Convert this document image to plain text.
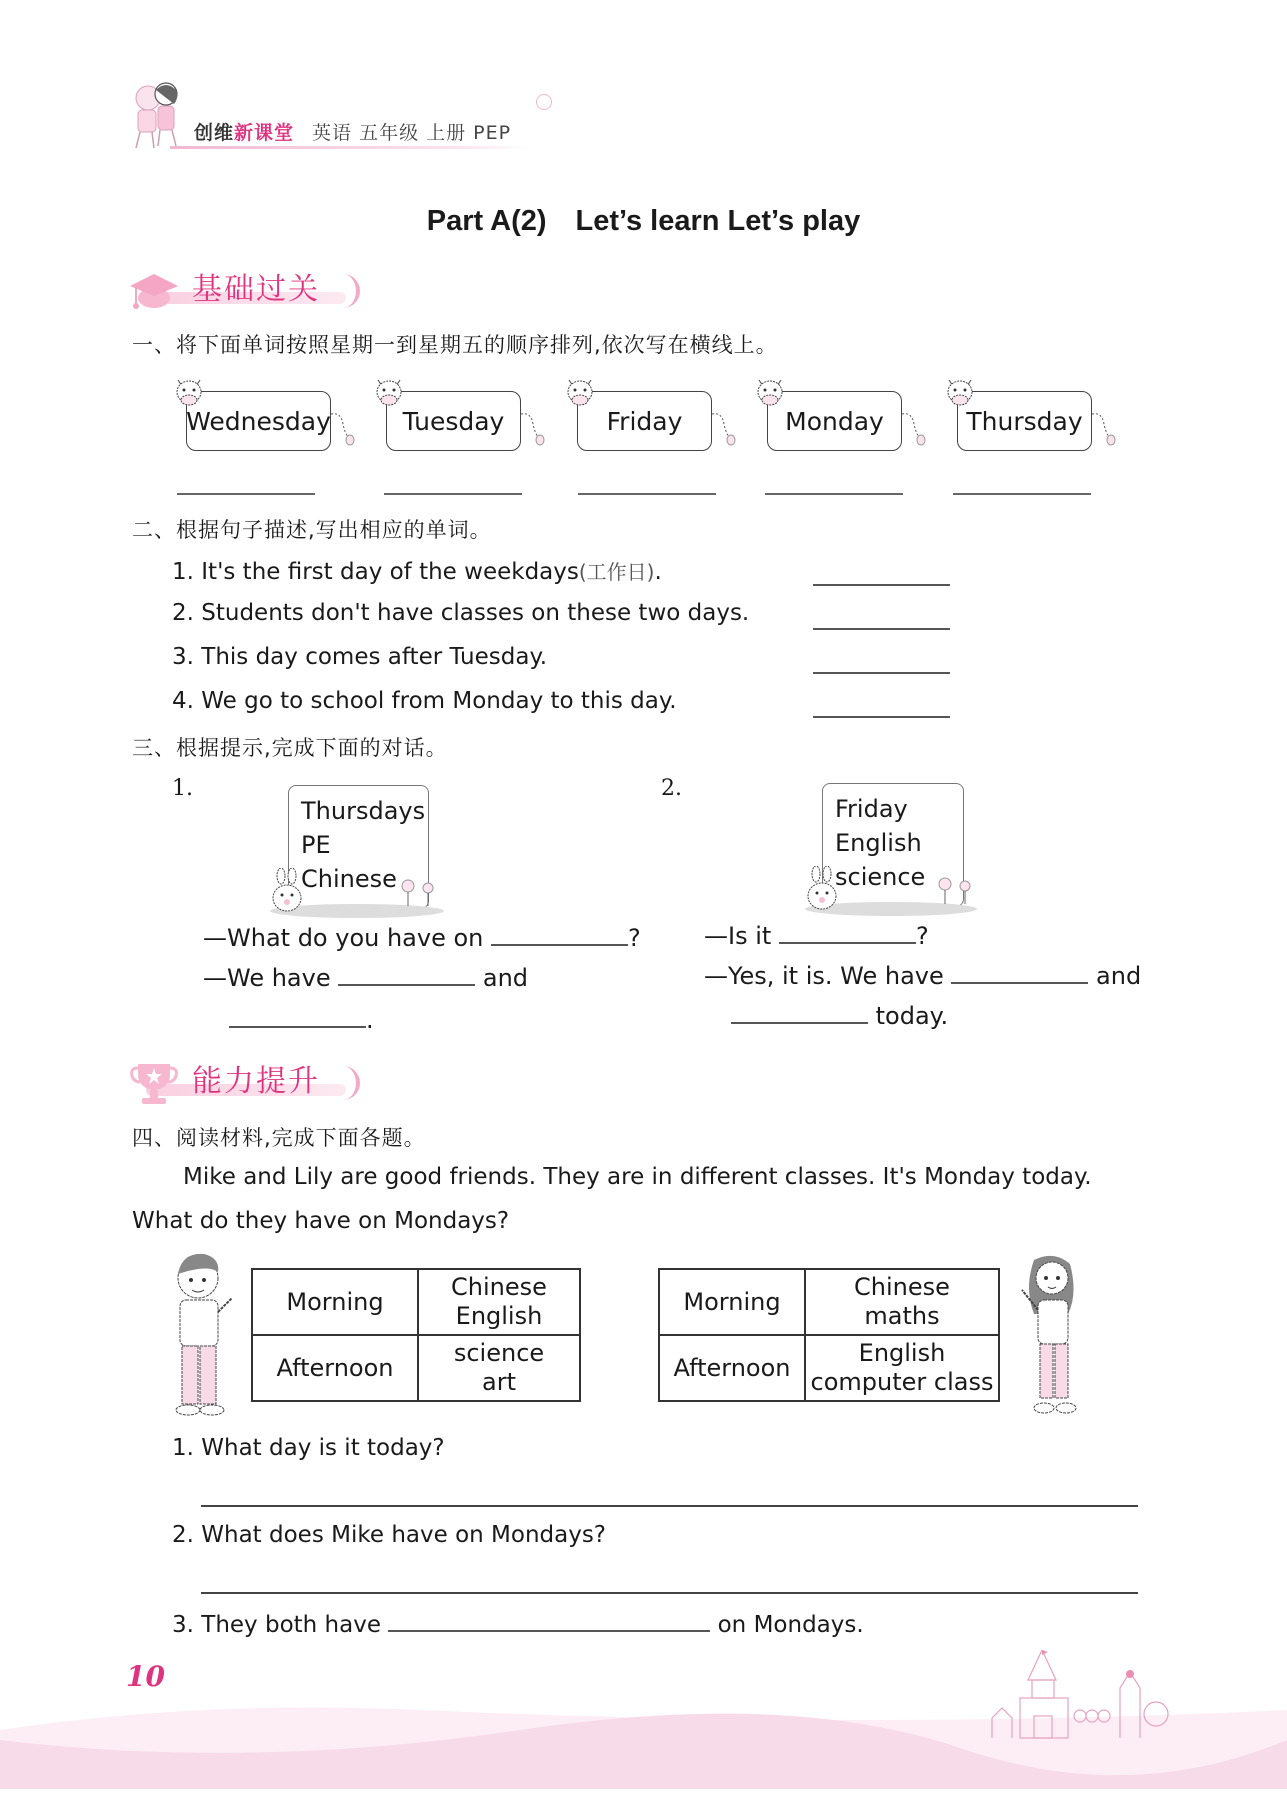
创维新课堂 英语 五年级 上册 PEP
Part A(2)　Let’s learn Let’s play
基础过关
一、将下面单词按照星期一到星期五的顺序排列,依次写在横线上。
Wednesday	Tuesday	Friday	Monday	Thursday
二、根据句子描述,写出相应的单词。
1. It's the first day of the weekdays(工作日).
2. Students don't have classes on these two days.
3. This day comes after Tuesday.
4. We go to school from Monday to this day.
三、根据提示,完成下面的对话。
1.
Thursdays
PE
Chinese
—What do you have on	?
—We have	and
.
2.
Friday
English
science
—Is it	?
—Yes, it is. We have	and
today.
能力提升
四、阅读材料,完成下面各题。
Mike and Lily are good friends. They are in different classes. It's Monday today.
What do they have on Mondays?
Morning	Chinese
English

Afternoon	science
art
Morning	Chinese
maths

Afternoon	English
computer class
1. What day is it today?
2. What does Mike have on Mondays?
3. They both have	on Mondays.
10
